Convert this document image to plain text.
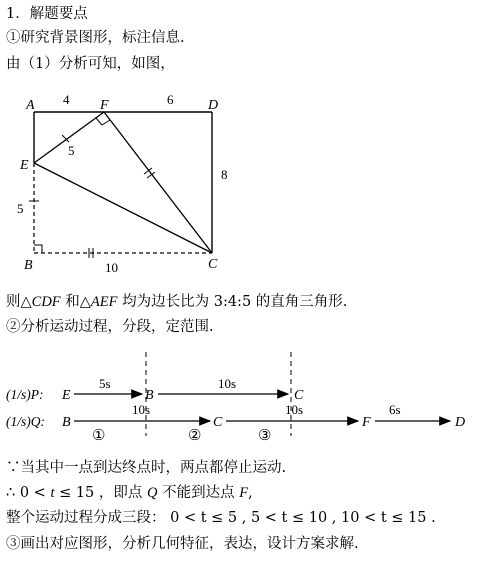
1．解题要点
①研究背景图形，标注信息.
由（1）分析可知，如图，
A	F	D
E
B	C
4	6
5
8
5
10
则△CDF 和△AEF 均为边长比为 3:4:5 的直角三角形.
②分析运动过程，分段，定范围.
(1/s)P: E
5s
B
10s
C
(1/s)Q: B
10s
C
10s
F
6s
D
①	②	③
∵当其中一点到达终点时，两点都停止运动.
∴ 0 < t ≤ 15 ，即点 Q 不能到达点 F,
整个运动过程分成三段： 0 < t ≤ 5 , 5 < t ≤ 10 , 10 < t ≤ 15 .
③画出对应图形，分析几何特征，表达，设计方案求解.
